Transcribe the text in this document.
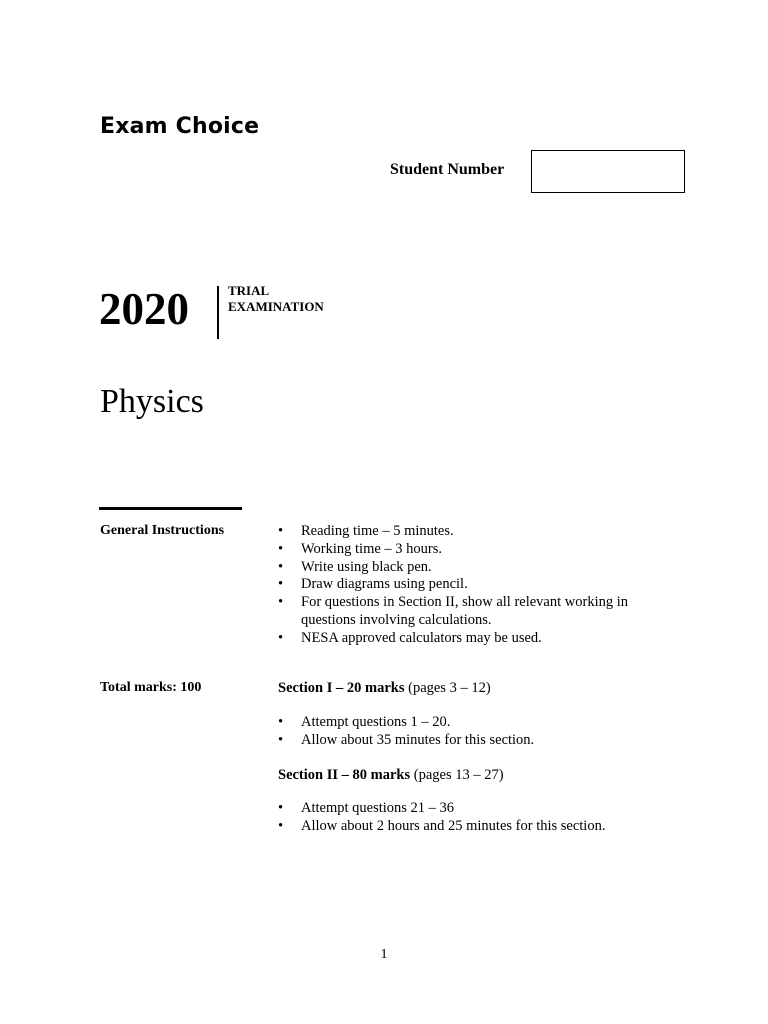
Exam Choice
Student Number
2020	TRIAL
EXAMINATION
Physics
General Instructions
•	Reading time – 5 minutes.
• Working time – 3 hours.
• Write using black pen.
• Draw diagrams using pencil.
• For questions in Section II, show all relevant working in questions involving calculations.
• NESA approved calculators may be used.
Total marks: 100	Section I – 20 marks (pages 3 – 12)
• Attempt questions 1 – 20.
• Allow about 35 minutes for this section.
Section II – 80 marks (pages 13 – 27)
• Attempt questions 21 – 36
• Allow about 2 hours and 25 minutes for this section.
1
